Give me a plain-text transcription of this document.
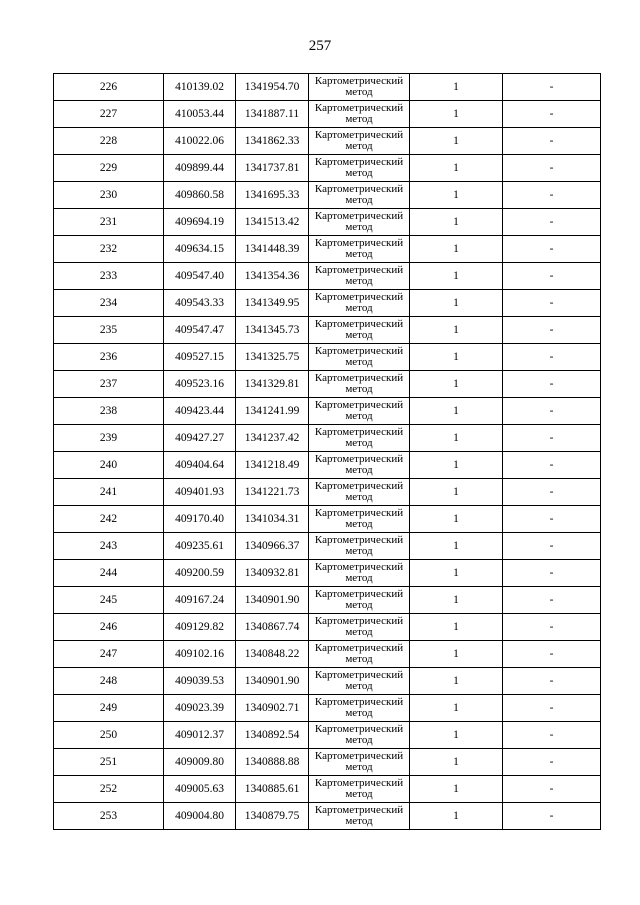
257
226	410139.02	1341954.70	Картометрический
метод	1	-
227	410053.44	1341887.11	Картометрический
метод	1	-
228	410022.06	1341862.33	Картометрический
метод	1	-
229	409899.44	1341737.81	Картометрический
метод	1	-
230	409860.58	1341695.33	Картометрический
метод	1	-
231	409694.19	1341513.42	Картометрический
метод	1	-
232	409634.15	1341448.39	Картометрический
метод	1	-
233	409547.40	1341354.36	Картометрический
метод	1	-
234	409543.33	1341349.95	Картометрический
метод	1	-
235	409547.47	1341345.73	Картометрический
метод	1	-
236	409527.15	1341325.75	Картометрический
метод	1	-
237	409523.16	1341329.81	Картометрический
метод	1	-
238	409423.44	1341241.99	Картометрический
метод	1	-
239	409427.27	1341237.42	Картометрический
метод	1	-
240	409404.64	1341218.49	Картометрический
метод	1	-
241	409401.93	1341221.73	Картометрический
метод	1	-
242	409170.40	1341034.31	Картометрический
метод	1	-
243	409235.61	1340966.37	Картометрический
метод	1	-
244	409200.59	1340932.81	Картометрический
метод	1	-
245	409167.24	1340901.90	Картометрический
метод	1	-
246	409129.82	1340867.74	Картометрический
метод	1	-
247	409102.16	1340848.22	Картометрический
метод	1	-
248	409039.53	1340901.90	Картометрический
метод	1	-
249	409023.39	1340902.71	Картометрический
метод	1	-
250	409012.37	1340892.54	Картометрический
метод	1	-
251	409009.80	1340888.88	Картометрический
метод	1	-
252	409005.63	1340885.61	Картометрический
метод	1	-
253	409004.80	1340879.75	Картометрический
метод	1	-
